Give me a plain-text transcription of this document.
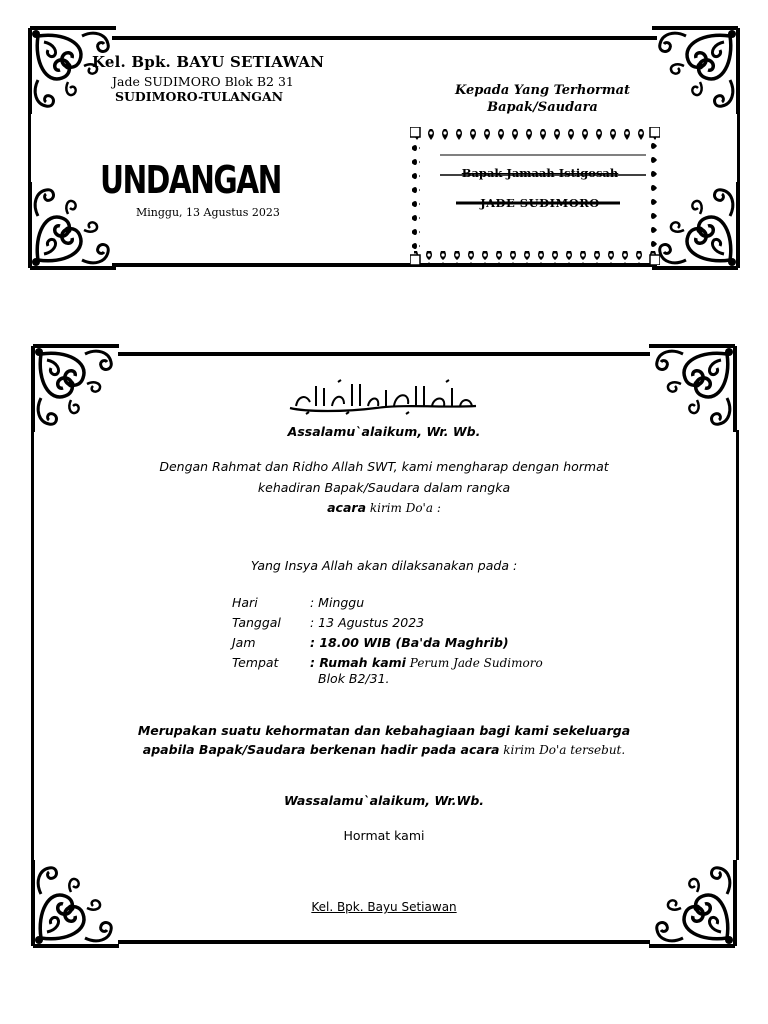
Kel. Bpk. BAYU SETIAWAN
Jade SUDIMORO Blok B2 31
SUDIMORO-TULANGAN
UNDANGAN
Minggu, 13 Agustus 2023
Kepada Yang Terhormat
Bapak/Saudara
Bapak Jamaah Istigosah
JADE SUDIMORO
Assalamu`alaikum, Wr. Wb.
Dengan Rahmat dan Ridho Allah SWT, kami mengharap dengan hormat
kehadiran Bapak/Saudara dalam rangka
acara kirim Do'a :
Yang Insya Allah akan dilaksanakan pada :
Hari	: Minggu
Tanggal : 13 Agustus 2023
Jam	: 18.00 WIB (Ba'da Maghrib)
Tempat	: Rumah kami Perum Jade Sudimoro
Blok B2/31.
Merupakan suatu kehormatan dan kebahagiaan bagi kami sekeluarga
apabila Bapak/Saudara berkenan hadir pada acara kirim Do'a tersebut.
Wassalamu`alaikum, Wr.Wb.
Hormat kami
Kel. Bpk. Bayu Setiawan
